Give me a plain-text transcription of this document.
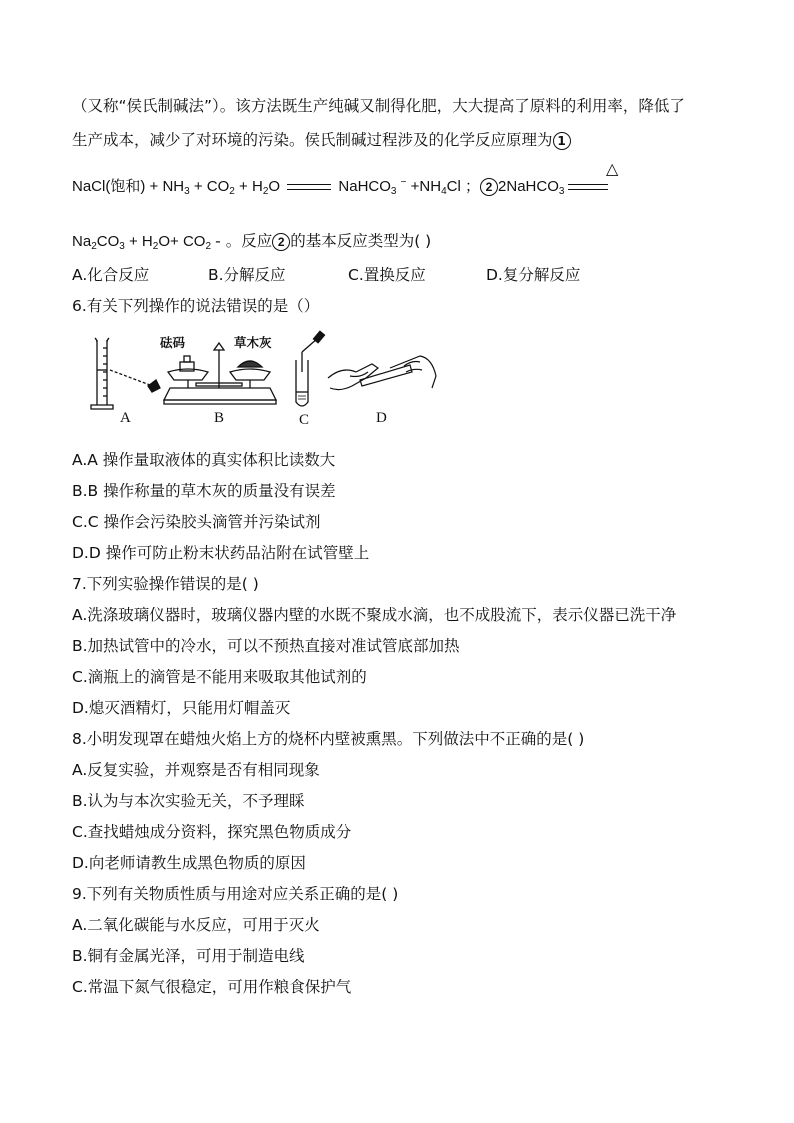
（又称“侯氏制碱法”）。该方法既生产纯碱又制得化肥，大大提高了原料的利用率，降低了
生产成本，减少了对环境的污染。侯氏制碱过程涉及的化学反应原理为 1
NaCl(饱和) + $NH_3 + CO_2 + H_2O$	NaHCO$_3$ $^- +NH_4Cl$ ； 2 2NaHCO$_3$
△
$Na_2CO_3 + H_2O+ CO_2$ - 。反应 2 的基本反应类型为( )
A.化合反应	B.分解反应	C.置换反应	D.复分解反应
6.有关下列操作的说法错误的是（）
砝码	草木灰
A	B	C	D
A.A 操作量取液体的真实体积比读数大
B.B 操作称量的草木灰的质量没有误差
C.C 操作会污染胶头滴管并污染试剂
D.D 操作可防止粉末状药品沾附在试管壁上
7.下列实验操作错误的是( )
A.洗涤玻璃仪器时，玻璃仪器内壁的水既不聚成水滴，也不成股流下，表示仪器已洗干净
B.加热试管中的冷水，可以不预热直接对准试管底部加热
C.滴瓶上的滴管是不能用来吸取其他试剂的
D.熄灭酒精灯，只能用灯帽盖灭
8.小明发现罩在蜡烛火焰上方的烧杯内壁被熏黑。下列做法中不正确的是( )
A.反复实验，并观察是否有相同现象
B.认为与本次实验无关，不予理睬
C.查找蜡烛成分资料，探究黑色物质成分
D.向老师请教生成黑色物质的原因
9.下列有关物质性质与用途对应关系正确的是( )
A.二氧化碳能与水反应，可用于灭火
B.铜有金属光泽，可用于制造电线
C.常温下氮气很稳定，可用作粮食保护气
